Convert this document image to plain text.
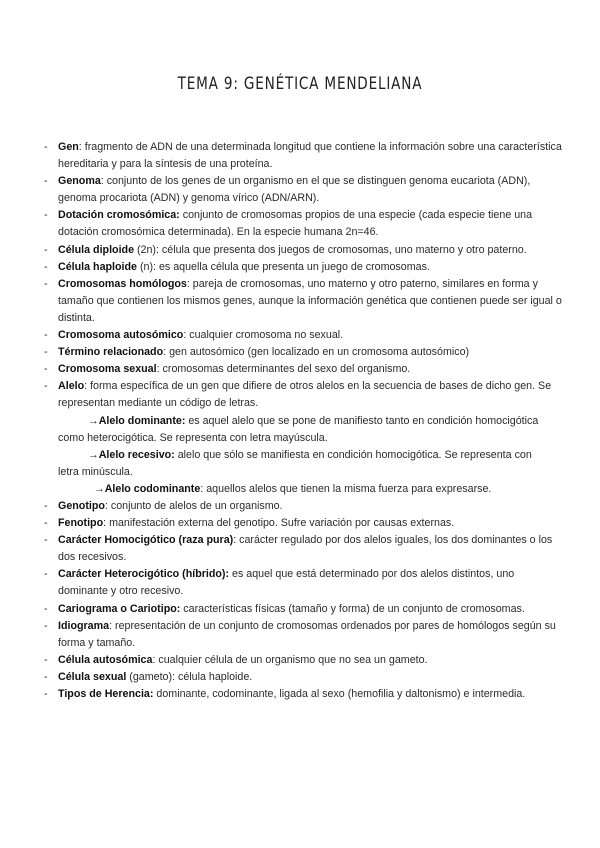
TEMA 9: GENÉTICA MENDELIANA
- Gen: fragmento de ADN de una determinada longitud que contiene la información sobre una característica hereditaria y para la síntesis de una proteína.
- Genoma: conjunto de los genes de un organismo en el que se distinguen genoma eucariota (ADN), genoma procariota (ADN) y genoma vírico (ADN/ARN).
- Dotación cromosómica: conjunto de cromosomas propios de una especie (cada especie tiene una dotación cromosómica determinada). En la especie humana 2n=46.
- Célula diploide (2n): célula que presenta dos juegos de cromosomas, uno materno y otro paterno.
- Célula haploide (n): es aquella célula que presenta un juego de cromosomas.
- Cromosomas homólogos: pareja de cromosomas, uno materno y otro paterno, similares en forma y tamaño que contienen los mismos genes, aunque la información genética que contienen puede ser igual o distinta.
- Cromosoma autosómico: cualquier cromosoma no sexual.
- Término relacionado: gen autosómico (gen localizado en un cromosoma autosómico)
- Cromosoma sexual: cromosomas determinantes del sexo del organismo.
- Alelo: forma específica de un gen que difiere de otros alelos en la secuencia de bases de dicho gen. Se representan mediante un código de letras.
→Alelo dominante: es aquel alelo que se pone de manifiesto tanto en condición homocigótica
como heterocigótica. Se representa con letra mayúscula.
→Alelo recesivo: alelo que sólo se manifiesta en condición homocigótica. Se representa con
letra minúscula.
→Alelo codominante: aquellos alelos que tienen la misma fuerza para expresarse.
- Genotipo: conjunto de alelos de un organismo.
- Fenotipo: manifestación externa del genotipo. Sufre variación por causas externas.
- Carácter Homocigótico (raza pura): carácter regulado por dos alelos iguales, los dos dominantes o los dos recesivos.
- Carácter Heterocigótico (híbrido): es aquel que está determinado por dos alelos distintos, uno dominante y otro recesivo.
- Cariograma o Cariotipo: características físicas (tamaño y forma) de un conjunto de cromosomas.
- Idiograma: representación de un conjunto de cromosomas ordenados por pares de homólogos según su forma y tamaño.
- Célula autosómica: cualquier célula de un organismo que no sea un gameto.
- Célula sexual (gameto): célula haploide.
- Tipos de Herencia: dominante, codominante, ligada al sexo (hemofilia y daltonismo) e intermedia.
